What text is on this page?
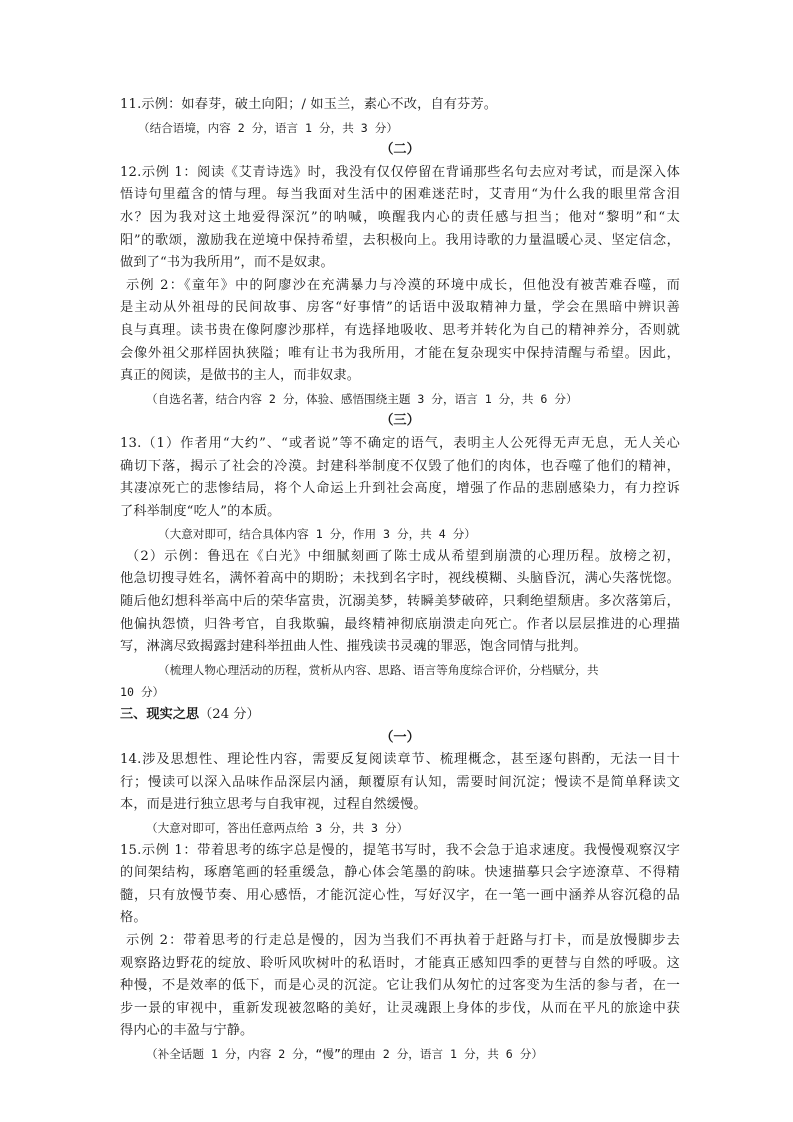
11.示例：如春芽，破土向阳；/ 如玉兰，素心不改，自有芬芳。
（结合语境，内容 2 分，语言 1 分，共 3 分）
（二）
12.示例 1：阅读《艾青诗选》时，我没有仅仅停留在背诵那些名句去应对考试，而是深入体
悟诗句里蕴含的情与理。每当我面对生活中的困难迷茫时，艾青用“为什么我的眼里常含泪
水？因为我对这土地爱得深沉”的呐喊，唤醒我内心的责任感与担当；他对“黎明”和“太
阳”的歌颂，激励我在逆境中保持希望，去积极向上。我用诗歌的力量温暖心灵、坚定信念，
做到了“书为我所用”，而不是奴隶。
示例 2：《童年》中的阿廖沙在充满暴力与冷漠的环境中成长，但他没有被苦难吞噬，而
是主动从外祖母的民间故事、房客“好事情”的话语中汲取精神力量，学会在黑暗中辨识善
良与真理。读书贵在像阿廖沙那样，有选择地吸收、思考并转化为自己的精神养分，否则就
会像外祖父那样固执狭隘；唯有让书为我所用，才能在复杂现实中保持清醒与希望。因此，
真正的阅读，是做书的主人，而非奴隶。
（自选名著，结合内容 2 分，体验、感悟围绕主题 3 分，语言 1 分，共 6 分）
（三）
13.（1）作者用“大约”、“或者说”等不确定的语气，表明主人公死得无声无息，无人关心
确切下落，揭示了社会的冷漠。封建科举制度不仅毁了他们的肉体，也吞噬了他们的精神，
其凄凉死亡的悲惨结局，将个人命运上升到社会高度，增强了作品的悲剧感染力，有力控诉
了科举制度“吃人”的本质。
（大意对即可，结合具体内容 1 分，作用 3 分，共 4 分）
（2）示例：鲁迅在《白光》中细腻刻画了陈士成从希望到崩溃的心理历程。放榜之初，
他急切搜寻姓名，满怀着高中的期盼；未找到名字时，视线模糊、头脑昏沉，满心失落恍惚。
随后他幻想科举高中后的荣华富贵，沉溺美梦，转瞬美梦破碎，只剩绝望颓唐。多次落第后，
他偏执怨愤，归咎考官，自我欺骗，最终精神彻底崩溃走向死亡。作者以层层推进的心理描
写，淋漓尽致揭露封建科举扭曲人性、摧残读书灵魂的罪恶，饱含同情与批判。
（梳理人物心理活动的历程，赏析从内容、思路、语言等角度综合评价，分档赋分，共
10 分）
三、现实之思（24 分）
（一）
14.涉及思想性、理论性内容，需要反复阅读章节、梳理概念，甚至逐句斟酌，无法一目十
行；慢读可以深入品味作品深层内涵，颠覆原有认知，需要时间沉淀；慢读不是简单释读文
本，而是进行独立思考与自我审视，过程自然缓慢。
（大意对即可，答出任意两点给 3 分，共 3 分）
15.示例 1：带着思考的练字总是慢的，提笔书写时，我不会急于追求速度。我慢慢观察汉字
的间架结构，琢磨笔画的轻重缓急，静心体会笔墨的韵味。快速描摹只会字迹潦草、不得精
髓，只有放慢节奏、用心感悟，才能沉淀心性，写好汉字，在一笔一画中涵养从容沉稳的品
格。
示例 2：带着思考的行走总是慢的，因为当我们不再执着于赶路与打卡，而是放慢脚步去
观察路边野花的绽放、聆听风吹树叶的私语时，才能真正感知四季的更替与自然的呼吸。这
种慢，不是效率的低下，而是心灵的沉淀。它让我们从匆忙的过客变为生活的参与者，在一
步一景的审视中，重新发现被忽略的美好，让灵魂跟上身体的步伐，从而在平凡的旅途中获
得内心的丰盈与宁静。
（补全话题 1 分，内容 2 分，“慢”的理由 2 分，语言 1 分，共 6 分）
